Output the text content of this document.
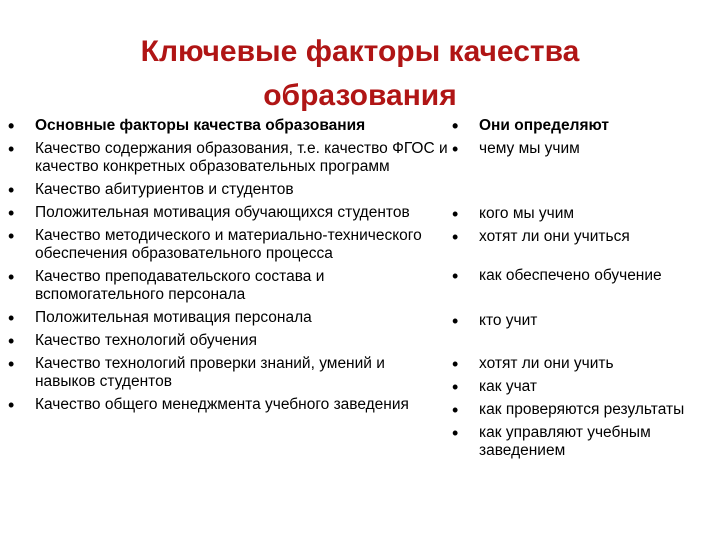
Ключевые факторы качества образования
• Основные факторы качества образования
• Качество содержания образования, т.е. качество ФГОС и качество конкретных образовательных программ
• Качество абитуриентов и студентов
• Положительная мотивация обучающихся студентов
• Качество методического и материально-технического обеспечения образовательного процесса
• Качество преподавательского состава и вспомогательного персонала
• Положительная мотивация персонала
• Качество технологий обучения
• Качество технологий проверки знаний, умений и навыков студентов
• Качество общего менеджмента учебного заведения
• Они определяют
• чему мы учим
• кого мы учим
• хотят ли они учиться
• как обеспечено обучение
• кто учит
• хотят ли они учить
• как учат
• как проверяются результаты
• как управляют учебным заведением
